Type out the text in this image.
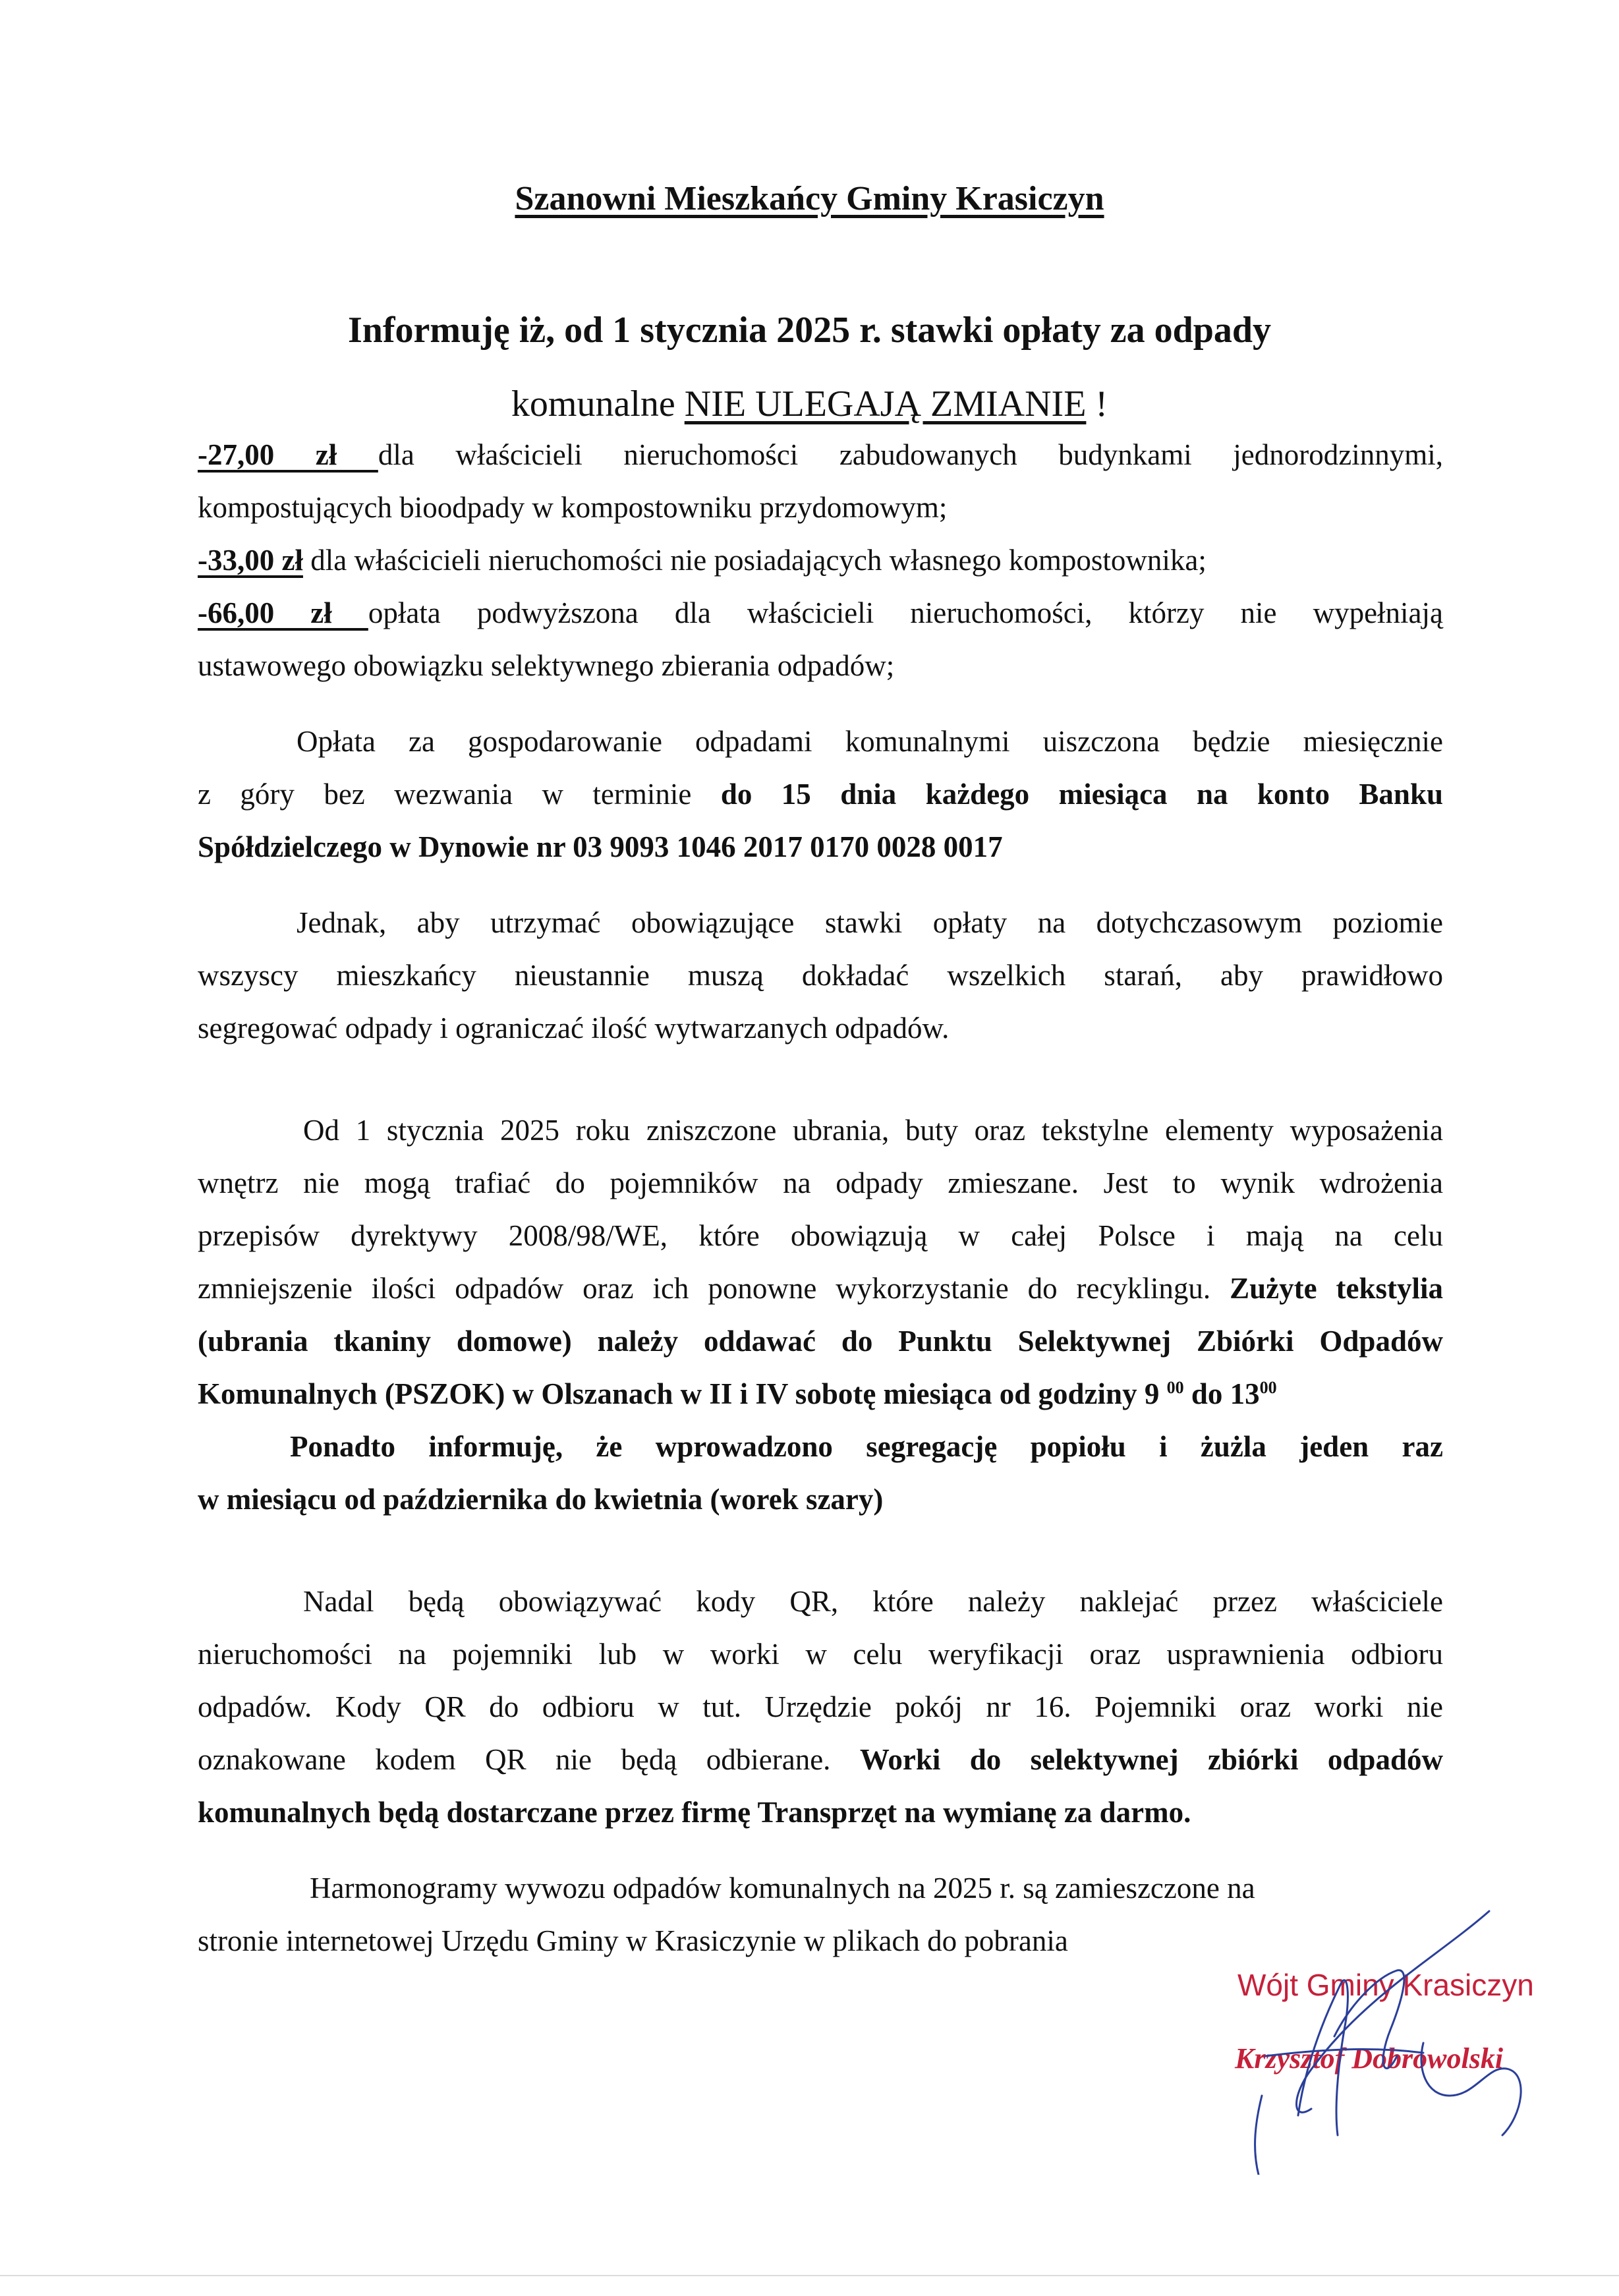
Szanowni Mieszkańcy Gminy Krasiczyn
Informuję iż, od 1 stycznia 2025 r. stawki opłaty za odpady
komunalne NIE ULEGAJĄ ZMIANIE !

-27,00 zł dla właścicieli nieruchomości zabudowanych budynkami jednorodzinnymi,

kompostujących bioodpady w kompostowniku przydomowym;

-33,00 zł dla właścicieli nieruchomości nie posiadających własnego kompostownika;

-66,00 zł opłata podwyższona dla właścicieli nieruchomości, którzy nie wypełniają

ustawowego obowiązku selektywnego zbierania odpadów;

Opłata za gospodarowanie odpadami komunalnymi uiszczona będzie miesięcznie

z góry bez wezwania w terminie do 15 dnia każdego miesiąca na konto Banku

Spółdzielczego w Dynowie nr 03 9093 1046 2017 0170 0028 0017

Jednak, aby utrzymać obowiązujące stawki opłaty na dotychczasowym poziomie

wszyscy mieszkańcy nieustannie muszą dokładać wszelkich starań, aby prawidłowo

segregować odpady i ograniczać ilość wytwarzanych odpadów.

Od 1 stycznia 2025 roku zniszczone ubrania, buty oraz tekstylne elementy wyposażenia

wnętrz nie mogą trafiać do pojemników na odpady zmieszane. Jest to wynik wdrożenia

przepisów dyrektywy 2008/98/WE, które obowiązują w całej Polsce i mają na celu

zmniejszenie ilości odpadów oraz ich ponowne wykorzystanie do recyklingu. Zużyte tekstylia

(ubrania tkaniny domowe) należy oddawać do Punktu Selektywnej Zbiórki Odpadów

Komunalnych (PSZOK) w Olszanach w II i IV sobotę miesiąca od godziny 9 $^{00}$ do $13^{00}$

Ponadto informuję, że wprowadzono segregację popiołu i żużla jeden raz

w miesiącu od października do kwietnia (worek szary)

Nadal będą obowiązywać kody QR, które należy naklejać przez właściciele

nieruchomości na pojemniki lub w worki w celu weryfikacji oraz usprawnienia odbioru

odpadów. Kody QR do odbioru w tut. Urzędzie pokój nr 16. Pojemniki oraz worki nie

oznakowane kodem QR nie będą odbierane. Worki do selektywnej zbiórki odpadów

komunalnych będą dostarczane przez firmę Transprzęt na wymianę za darmo.

Harmonogramy wywozu odpadów komunalnych na 2025 r. są zamieszczone na

stronie internetowej Urzędu Gminy w Krasiczynie w plikach do pobrania

Wójt Gminy Krasiczyn
Krzysztof Dobrowolski
